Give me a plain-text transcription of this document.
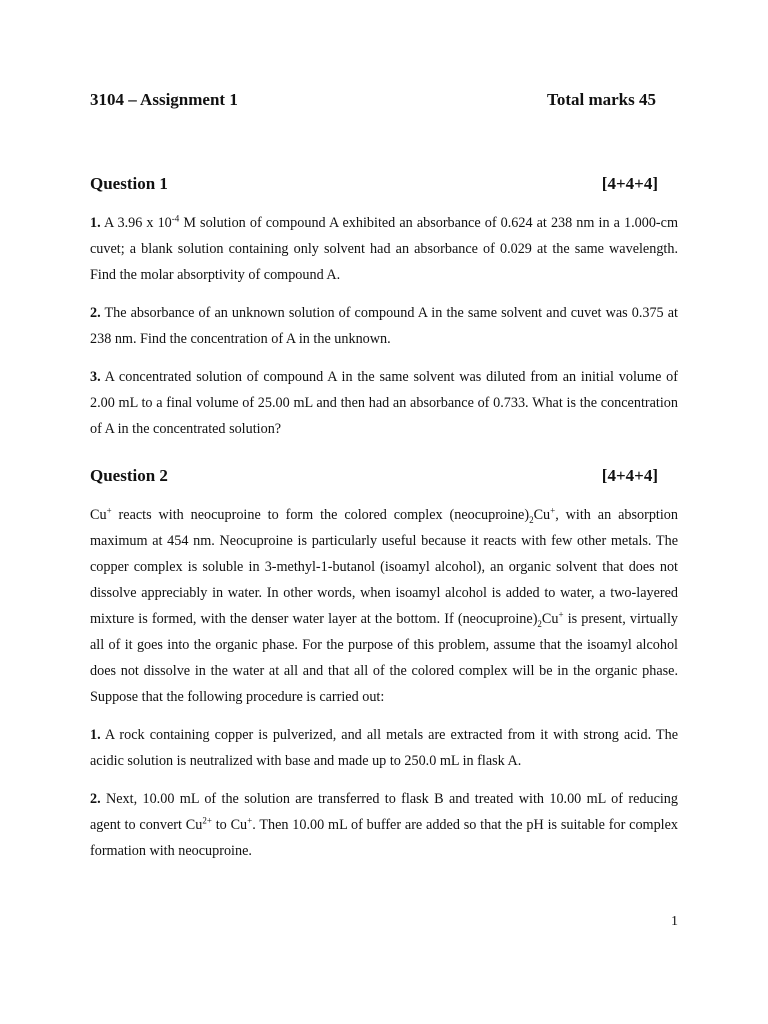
3104 – Assignment 1	Total marks 45
Question 1	[4+4+4]

1. A 3.96 x $10^{-4}$ M solution of compound A exhibited an absorbance of 0.624 at 238 nm in a 1.000-cm cuvet; a blank solution containing only solvent had an absorbance of 0.029 at the same wavelength. Find the molar absorptivity of compound A.

2. The absorbance of an unknown solution of compound A in the same solvent and cuvet was 0.375 at 238 nm. Find the concentration of A in the unknown.

3. A concentrated solution of compound A in the same solvent was diluted from an initial volume of 2.00 mL to a final volume of 25.00 mL and then had an absorbance of 0.733. What is the concentration of A in the concentrated solution?

Question 2	[4+4+4]

Cu+ reacts with neocuproine to form the colored complex $(neocuproine)_2Cu^+$, with an absorption maximum at 454 nm. Neocuproine is particularly useful because it reacts with few other metals. The copper complex is soluble in 3-methyl-1-butanol (isoamyl alcohol), an organic solvent that does not dissolve appreciably in water. In other words, when isoamyl alcohol is added to water, a two-layered mixture is formed, with the denser water layer at the bottom. If $(neocuproine)_2Cu^+$ is present, virtually all of it goes into the organic phase. For the purpose of this problem, assume that the isoamyl alcohol does not dissolve in the water at all and that all of the colored complex will be in the organic phase. Suppose that the following procedure is carried out:

1. A rock containing copper is pulverized, and all metals are extracted from it with strong acid. The acidic solution is neutralized with base and made up to 250.0 mL in flask A.

2. Next, 10.00 mL of the solution are transferred to flask B and treated with 10.00 mL of reducing agent to convert $Cu^{2+}$ to Cu+. Then 10.00 mL of buffer are added so that the pH is suitable for complex formation with neocuproine.

1
